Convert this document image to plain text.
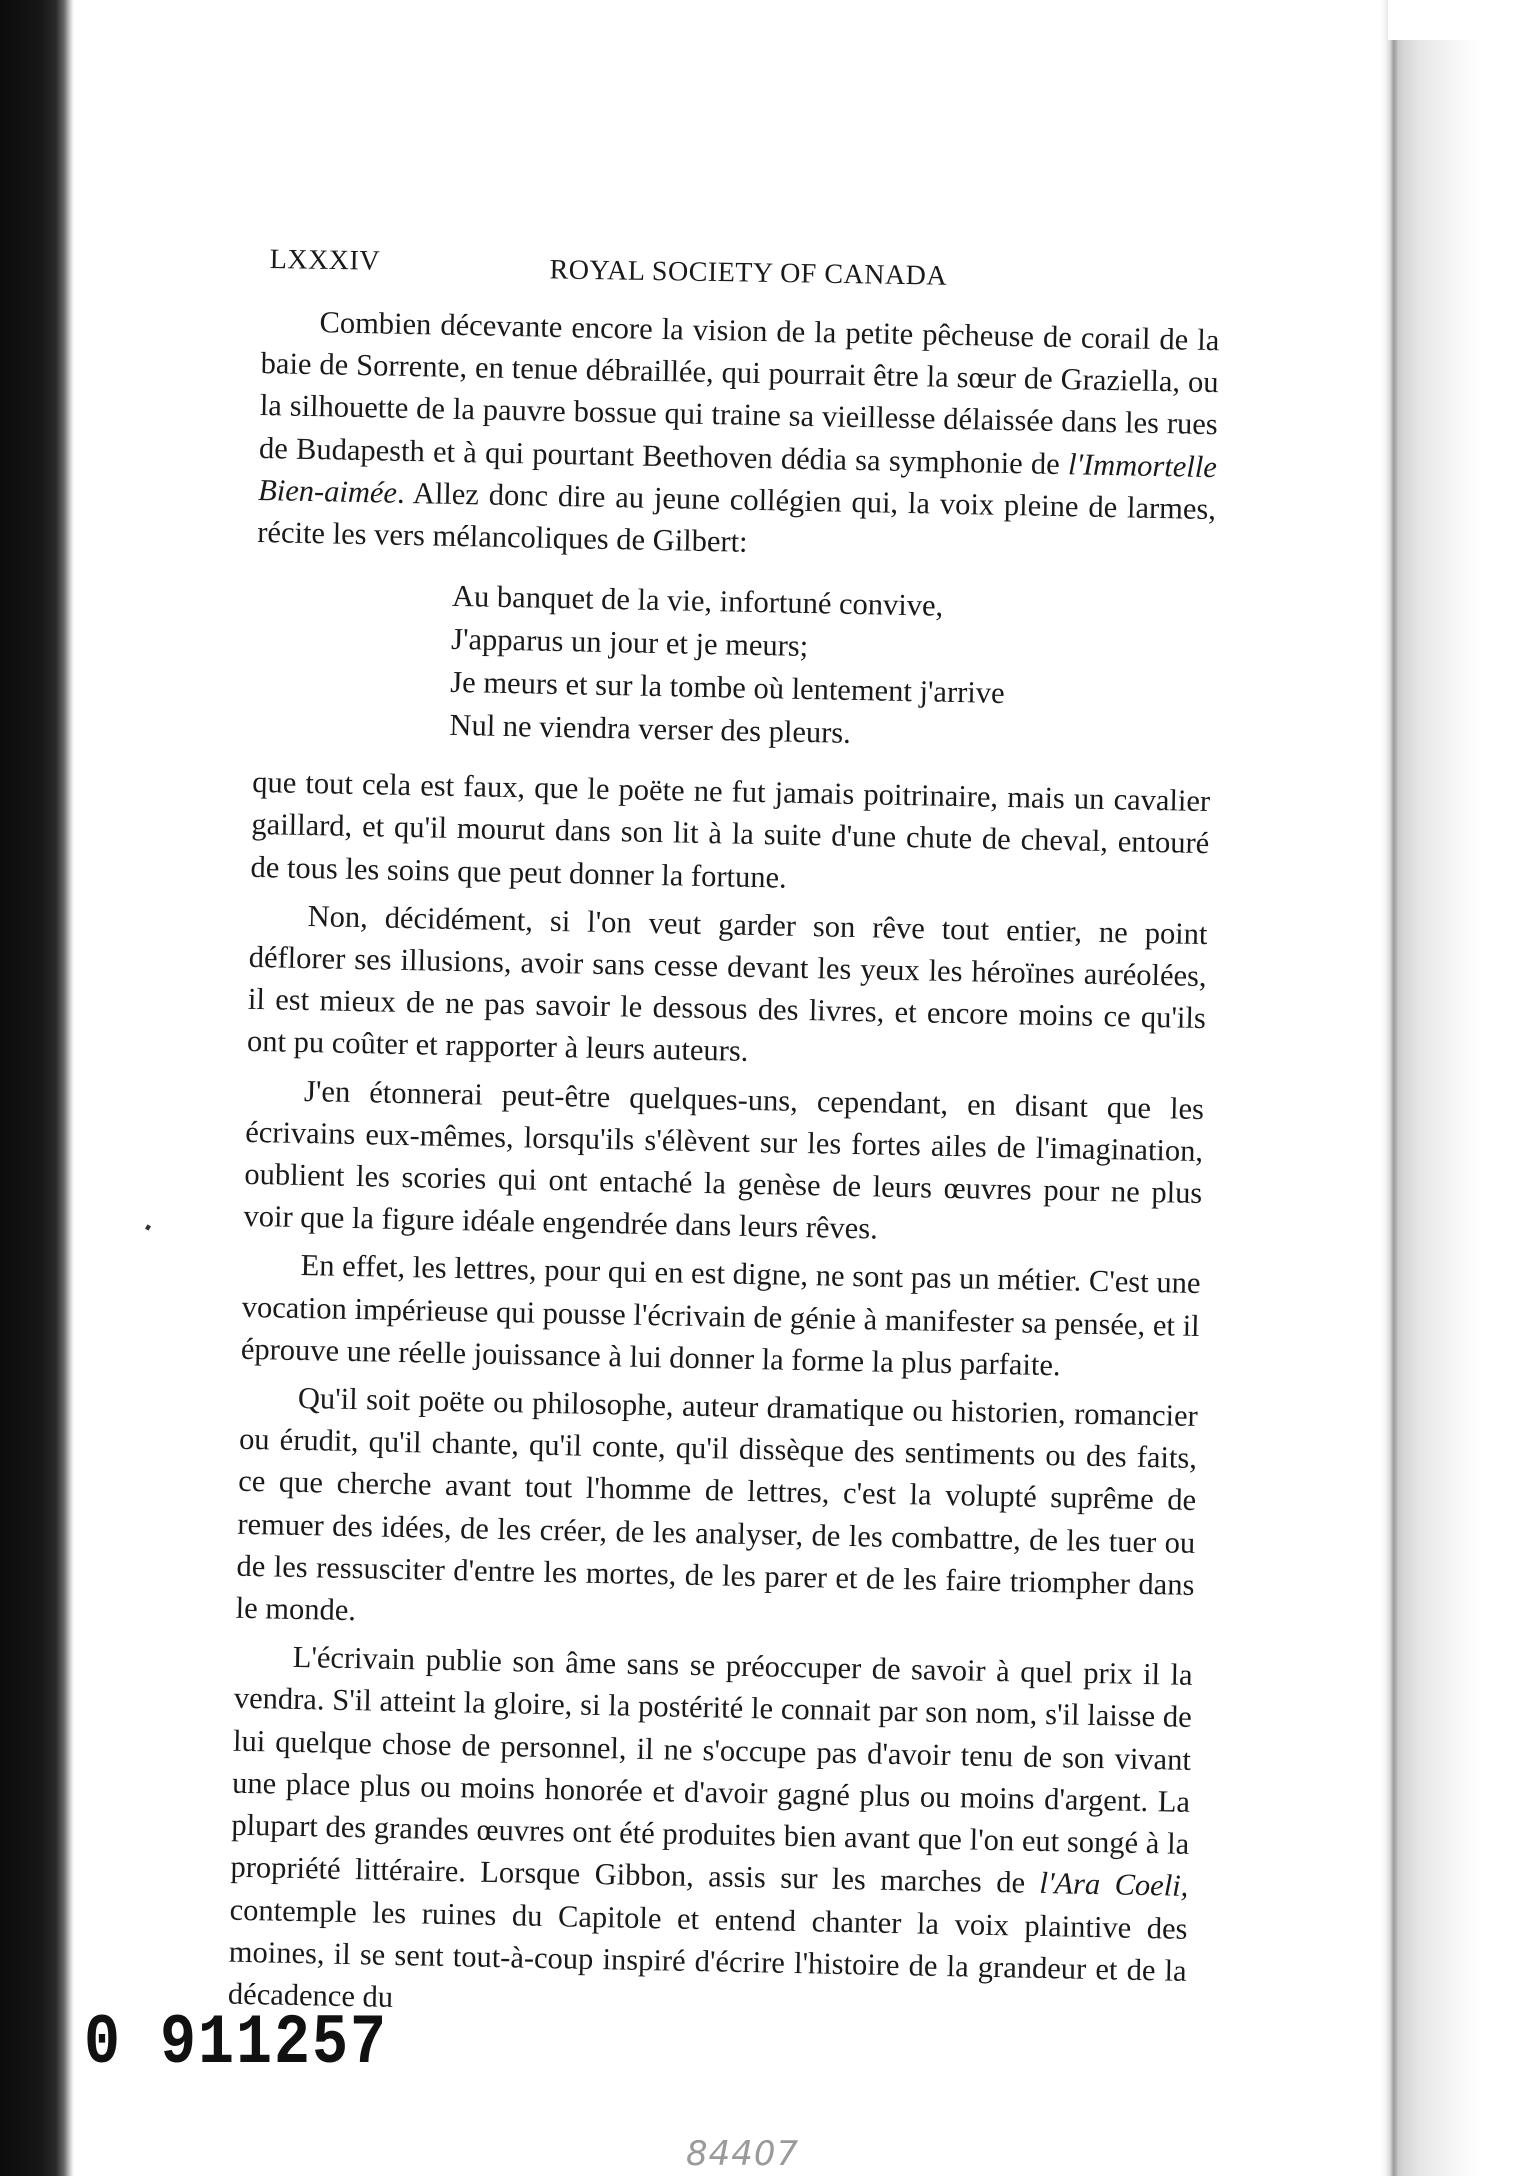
LXXXIV	ROYAL SOCIETY OF CANADA

Combien décevante encore la vision de la petite pêcheuse de corail de la baie de Sorrente, en tenue débraillée, qui pourrait être la sœur de Graziella, ou la silhouette de la pauvre bossue qui traine sa vieillesse délaissée dans les rues de Budapesth et à qui pourtant Beethoven dédia sa symphonie de l'Immortelle Bien-aimée. Allez donc dire au jeune collégien qui, la voix pleine de larmes, récite les vers mélancoliques de Gilbert:

Au banquet de la vie, infortuné convive,
J'apparus un jour et je meurs;
Je meurs et sur la tombe où lentement j'arrive
Nul ne viendra verser des pleurs.

que tout cela est faux, que le poëte ne fut jamais poitrinaire, mais un cavalier gaillard, et qu'il mourut dans son lit à la suite d'une chute de cheval, entouré de tous les soins que peut donner la fortune.

Non, décidément, si l'on veut garder son rêve tout entier, ne point déflorer ses illusions, avoir sans cesse devant les yeux les héroïnes auréolées, il est mieux de ne pas savoir le dessous des livres, et encore moins ce qu'ils ont pu coûter et rapporter à leurs auteurs.

J'en étonnerai peut-être quelques-uns, cependant, en disant que les écrivains eux-mêmes, lorsqu'ils s'élèvent sur les fortes ailes de l'imagination, oublient les scories qui ont entaché la genèse de leurs œuvres pour ne plus voir que la figure idéale engendrée dans leurs rêves.

En effet, les lettres, pour qui en est digne, ne sont pas un métier. C'est une vocation impérieuse qui pousse l'écrivain de génie à manifester sa pensée, et il éprouve une réelle jouissance à lui donner la forme la plus parfaite.

Qu'il soit poëte ou philosophe, auteur dramatique ou historien, romancier ou érudit, qu'il chante, qu'il conte, qu'il dissèque des sentiments ou des faits, ce que cherche avant tout l'homme de lettres, c'est la volupté suprême de remuer des idées, de les créer, de les analyser, de les combattre, de les tuer ou de les ressusciter d'entre les mortes, de les parer et de les faire triompher dans le monde.

L'écrivain publie son âme sans se préoccuper de savoir à quel prix il la vendra. S'il atteint la gloire, si la postérité le connait par son nom, s'il laisse de lui quelque chose de personnel, il ne s'occupe pas d'avoir tenu de son vivant une place plus ou moins honorée et d'avoir gagné plus ou moins d'argent. La plupart des grandes œuvres ont été produites bien avant que l'on eut songé à la propriété littéraire. Lorsque Gibbon, assis sur les marches de l'Ara Coeli, contemple les ruines du Capitole et entend chanter la voix plaintive des moines, il se sent tout-à-coup inspiré d'écrire l'histoire de la grandeur et de la décadence du

0 911257
84407
